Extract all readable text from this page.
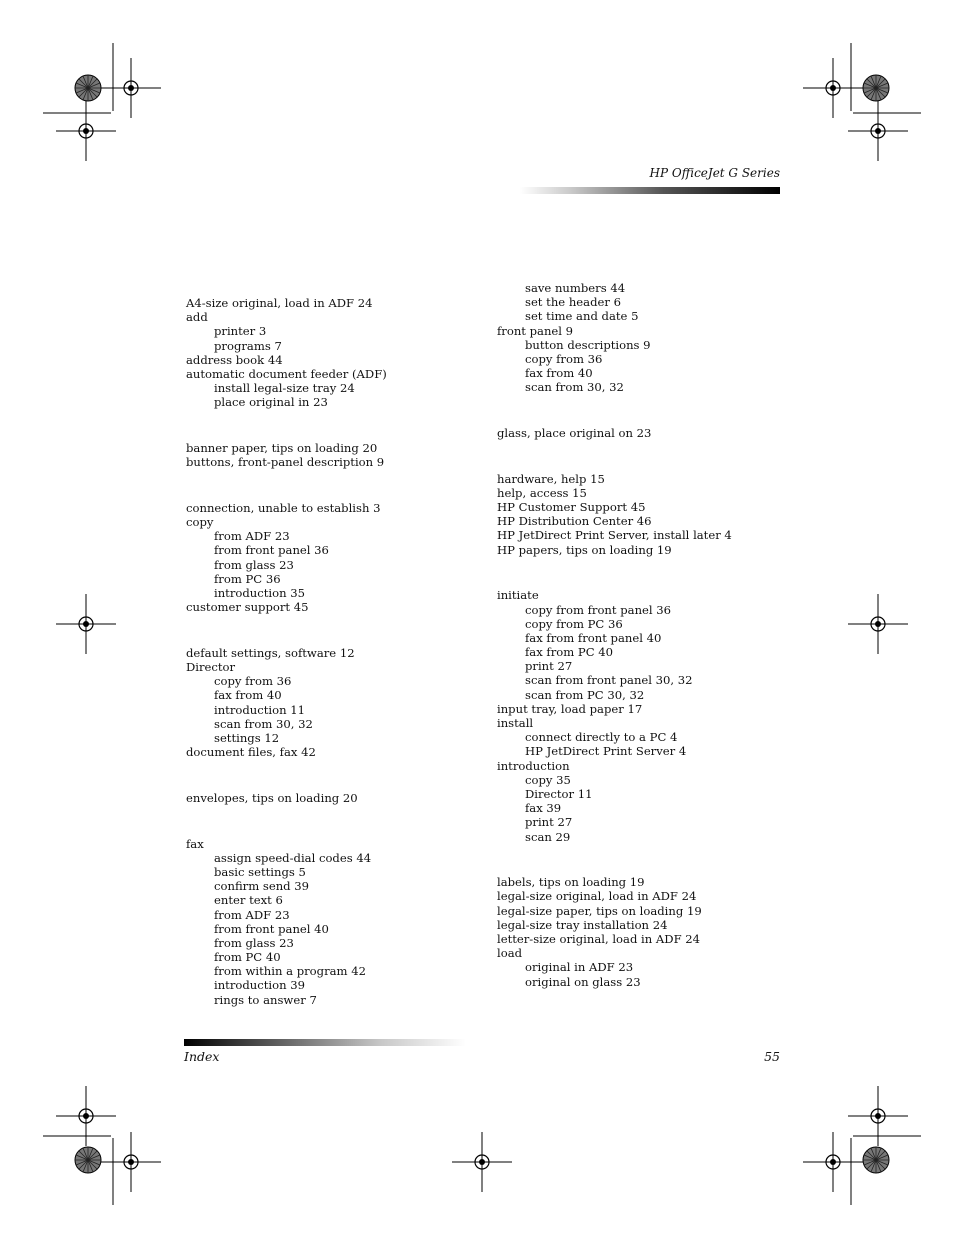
HP OfficeJet G Series
A4-size original, load in ADF 24
add
printer 3
programs 7
address book 44
automatic document feeder (ADF)
install legal-size tray 24
place original in 23
banner paper, tips on loading 20
buttons, front-panel description 9
connection, unable to establish 3
copy
from ADF 23
from front panel 36
from glass 23
from PC 36
introduction 35
customer support 45
default settings, software 12
Director
copy from 36
fax from 40
introduction 11
scan from 30, 32
settings 12
document files, fax 42
envelopes, tips on loading 20
fax
assign speed-dial codes 44
basic settings 5
confirm send 39
enter text 6
from ADF 23
from front panel 40
from glass 23
from PC 40
from within a program 42
introduction 39
rings to answer 7
save numbers 44
set the header 6
set time and date 5
front panel 9
button descriptions 9
copy from 36
fax from 40
scan from 30, 32
glass, place original on 23
hardware, help 15
help, access 15
HP Customer Support 45
HP Distribution Center 46
HP JetDirect Print Server, install later 4
HP papers, tips on loading 19
initiate
copy from front panel 36
copy from PC 36
fax from front panel 40
fax from PC 40
print 27
scan from front panel 30, 32
scan from PC 30, 32
input tray, load paper 17
install
connect directly to a PC 4
HP JetDirect Print Server 4
introduction
copy 35
Director 11
fax 39
print 27
scan 29
labels, tips on loading 19
legal-size original, load in ADF 24
legal-size paper, tips on loading 19
legal-size tray installation 24
letter-size original, load in ADF 24
load
original in ADF 23
original on glass 23
Index	55
